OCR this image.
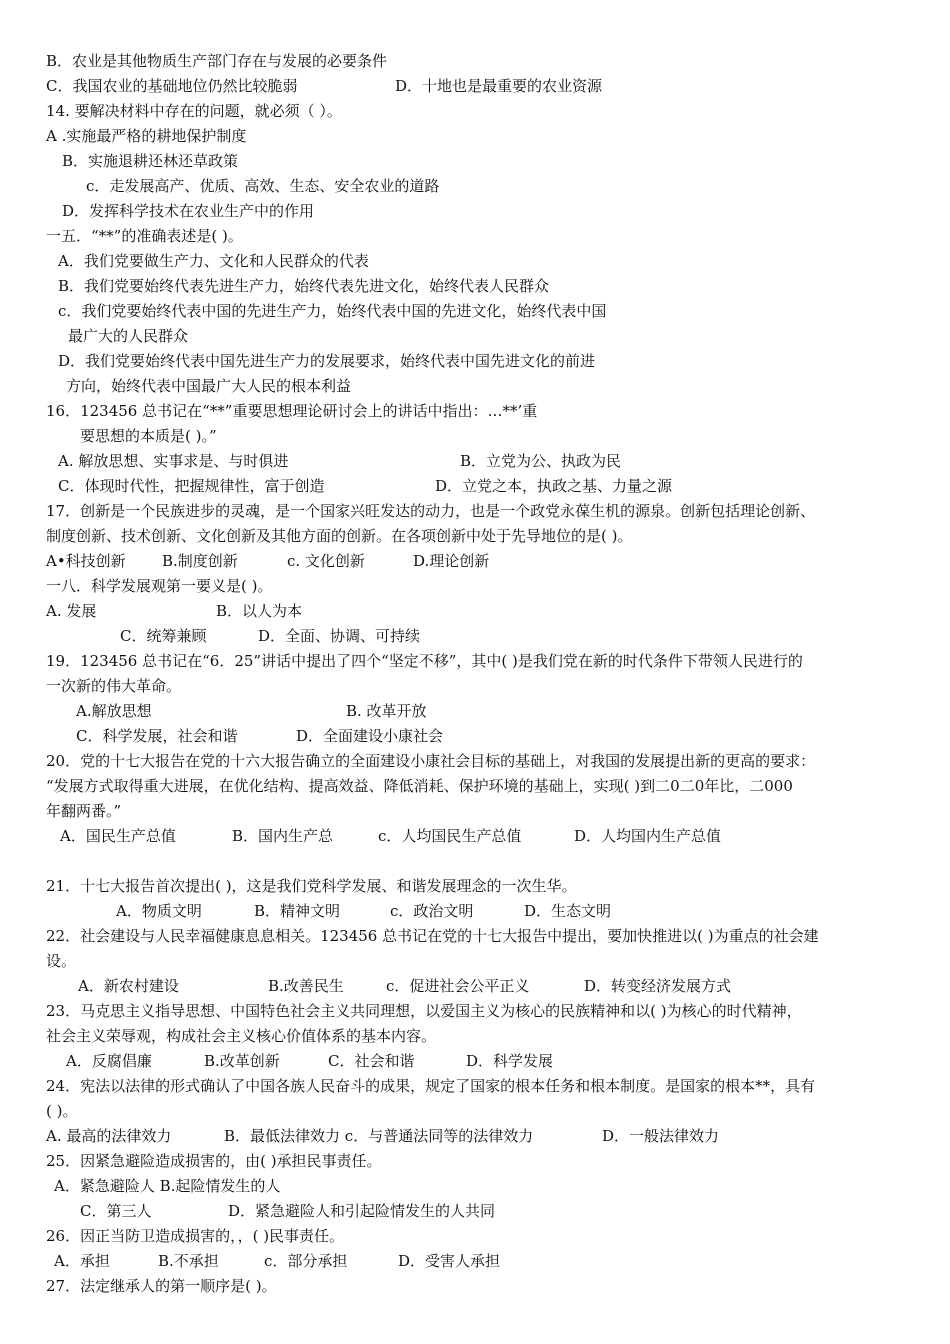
B．农业是其他物质生产部门存在与发展的必要条件
C．我国农业的基础地位仍然比较脆弱	D．十地也是最重要的农业资源
14. 要解决材料中存在的问题，就必须（ ）。
A .实施最严格的耕地保护制度
B．实施退耕还林还草政策
c．走发展高产、优质、高效、生态、安全农业的道路
D．发挥科学技术在农业生产中的作用
一五．“**”的准确表述是( )。
A．我们党要做生产力、文化和人民群众的代表
B．我们党要始终代表先进生产力，始终代表先进文化，始终代表人民群众
c．我们党要始终代表中国的先进生产力，始终代表中国的先进文化，始终代表中国
最广大的人民群众
D．我们党要始终代表中国先进生产力的发展要求，始终代表中国先进文化的前进
方向，始终代表中国最广大人民的根本利益
16．123456 总书记在“**”重要思想理论研讨会上的讲话中指出：…**’重
要思想的本质是( )。”
A. 解放思想、实事求是、与时俱进	B．立党为公、执政为民
C．体现时代性，把握规律性，富于创造	D．立党之本，执政之基、力量之源
17．创新是一个民族进步的灵魂，是一个国家兴旺发达的动力，也是一个政党永葆生机的源泉。创新包括理论创新、
制度创新、技术创新、文化创新及其他方面的创新。在各项创新中处于先导地位的是( )。
A•科技创新 B.制度创新	c. 文化创新	D.理论创新
一八．科学发展观第一要义是( )。
A. 发展	B．以人为本
C．统筹兼顾	D．全面、协调、可持续
19．123456 总书记在“6．25”讲话中提出了四个“坚定不移”，其中( )是我们党在新的时代条件下带领人民进行的
一次新的伟大革命。
A.解放思想	B. 改革开放
C．科学发展，社会和谐	D．全面建设小康社会
20．党的十七大报告在党的十六大报告确立的全面建设小康社会目标的基础上，对我国的发展提出新的更高的要求：
“发展方式取得重大进展，在优化结构、提高效益、降低消耗、保护环境的基础上，实现( )到二0二0年比，二000
年翻两番。”
A．国民生产总值	B．国内生产总	c．人均国民生产总值	D．人均国内生产总值
21．十七大报告首次提出( )，这是我们党科学发展、和谐发展理念的一次生华。
A．物质文明	B．精神文明	c．政治文明	D．生态文明
22．社会建设与人民幸福健康息息相关。123456 总书记在党的十七大报告中提出，要加快推进以( )为重点的社会建
设。
A．新农村建设	B.改善民生	c．促进社会公平正义	D．转变经济发展方式
23．马克思主义指导思想、中国特色社会主义共同理想，以爱国主义为核心的民族精神和以( )为核心的时代精神，
社会主义荣辱观，构成社会主义核心价值体系的基本内容。
A．反腐倡廉	B.改革创新	C．社会和谐	D．科学发展
24．宪法以法律的形式确认了中国各族人民奋斗的成果，规定了国家的根本任务和根本制度。是国家的根本**，具有
( )。
A. 最高的法律效力	B．最低法律效力 c．与普通法同等的法律效力	D．一般法律效力
25．因紧急避险造成损害的，由( )承担民事责任。
A．紧急避险人 B.起险情发生的人
C．第三人	D．紧急避险人和引起险情发生的人共同
26．因正当防卫造成损害的，，( )民事责任。
A．承担	B.不承担	c．部分承担	D．受害人承担
27．法定继承人的第一顺序是( )。
